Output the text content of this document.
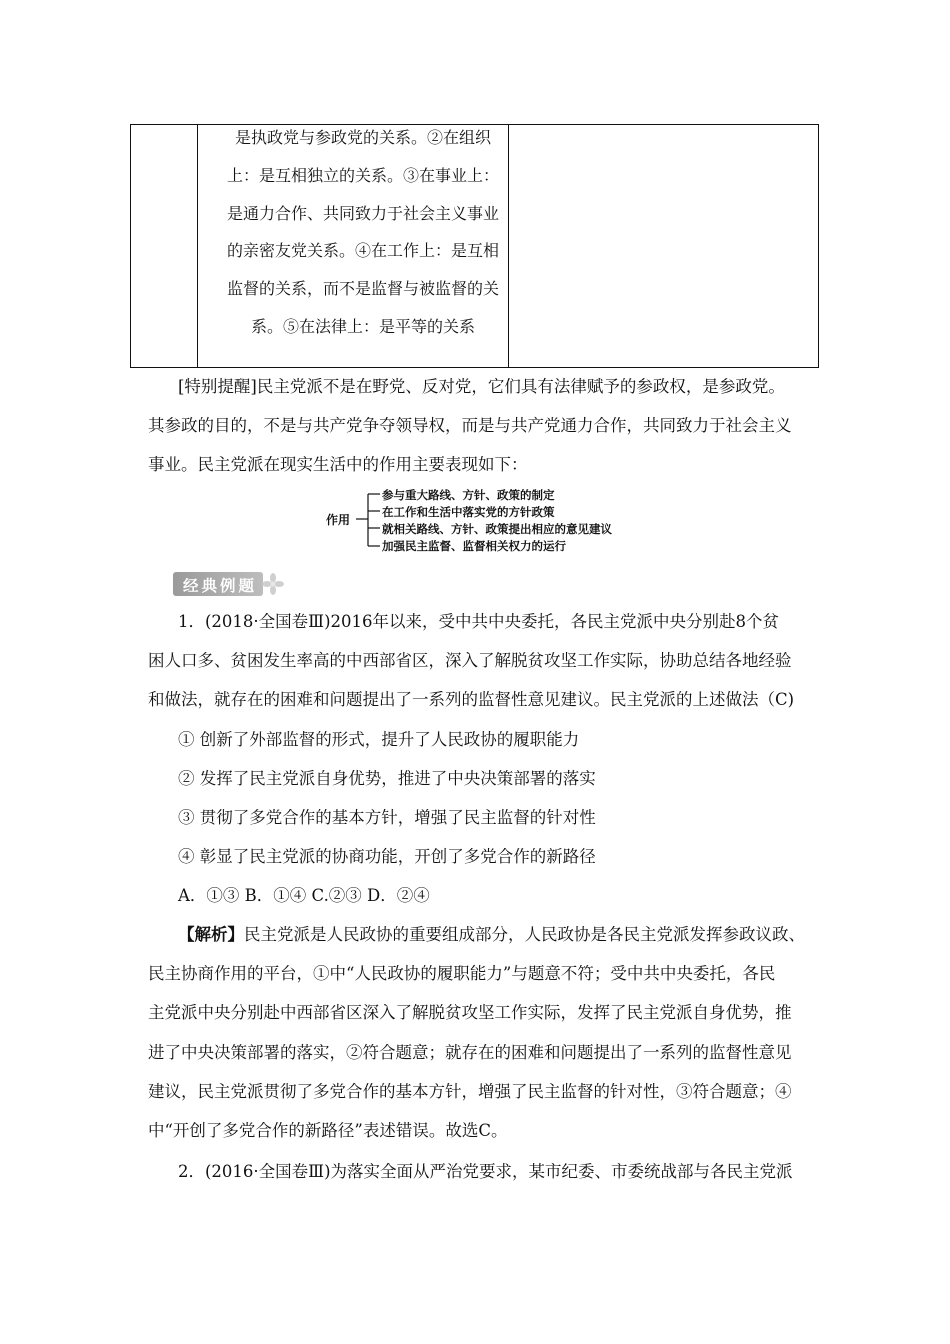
是执政党与参政党的关系。②在组织
上：是互相独立的关系。③在事业上：
是通力合作、共同致力于社会主义事业
的亲密友党关系。④在工作上：是互相
监督的关系，而不是监督与被监督的关
系。⑤在法律上：是平等的关系
[特别提醒]民主党派不是在野党、反对党，它们具有法律赋予的参政权，是参政党。
其参政的目的，不是与共产党争夺领导权，而是与共产党通力合作，共同致力于社会主义
事业。民主党派在现实生活中的作用主要表现如下：
作用
参与重大路线、方针、政策的制定
在工作和生活中落实党的方针政策
就相关路线、方针、政策提出相应的意见建议
加强民主监督、监督相关权力的运行
经典例题
1．(2018·全国卷Ⅲ)2016年以来，受中共中央委托，各民主党派中央分别赴8个贫
困人口多、贫困发生率高的中西部省区，深入了解脱贫攻坚工作实际，协助总结各地经验
和做法，就存在的困难和问题提出了一系列的监督性意见建议。民主党派的上述做法（C)
① 创新了外部监督的形式，提升了人民政协的履职能力
② 发挥了民主党派自身优势，推进了中央决策部署的落实
③ 贯彻了多党合作的基本方针，增强了民主监督的针对性
④ 彰显了民主党派的协商功能，开创了多党合作的新路径
A．①③ B．①④ C.②③ D．②④
【解析】民主党派是人民政协的重要组成部分，人民政协是各民主党派发挥参政议政、
民主协商作用的平台，①中“人民政协的履职能力”与题意不符；受中共中央委托，各民
主党派中央分别赴中西部省区深入了解脱贫攻坚工作实际，发挥了民主党派自身优势，推
进了中央决策部署的落实，②符合题意；就存在的困难和问题提出了一系列的监督性意见
建议，民主党派贯彻了多党合作的基本方针，增强了民主监督的针对性，③符合题意；④
中“开创了多党合作的新路径”表述错误。故选C。
2．(2016·全国卷Ⅲ)为落实全面从严治党要求，某市纪委、市委统战部与各民主党派
